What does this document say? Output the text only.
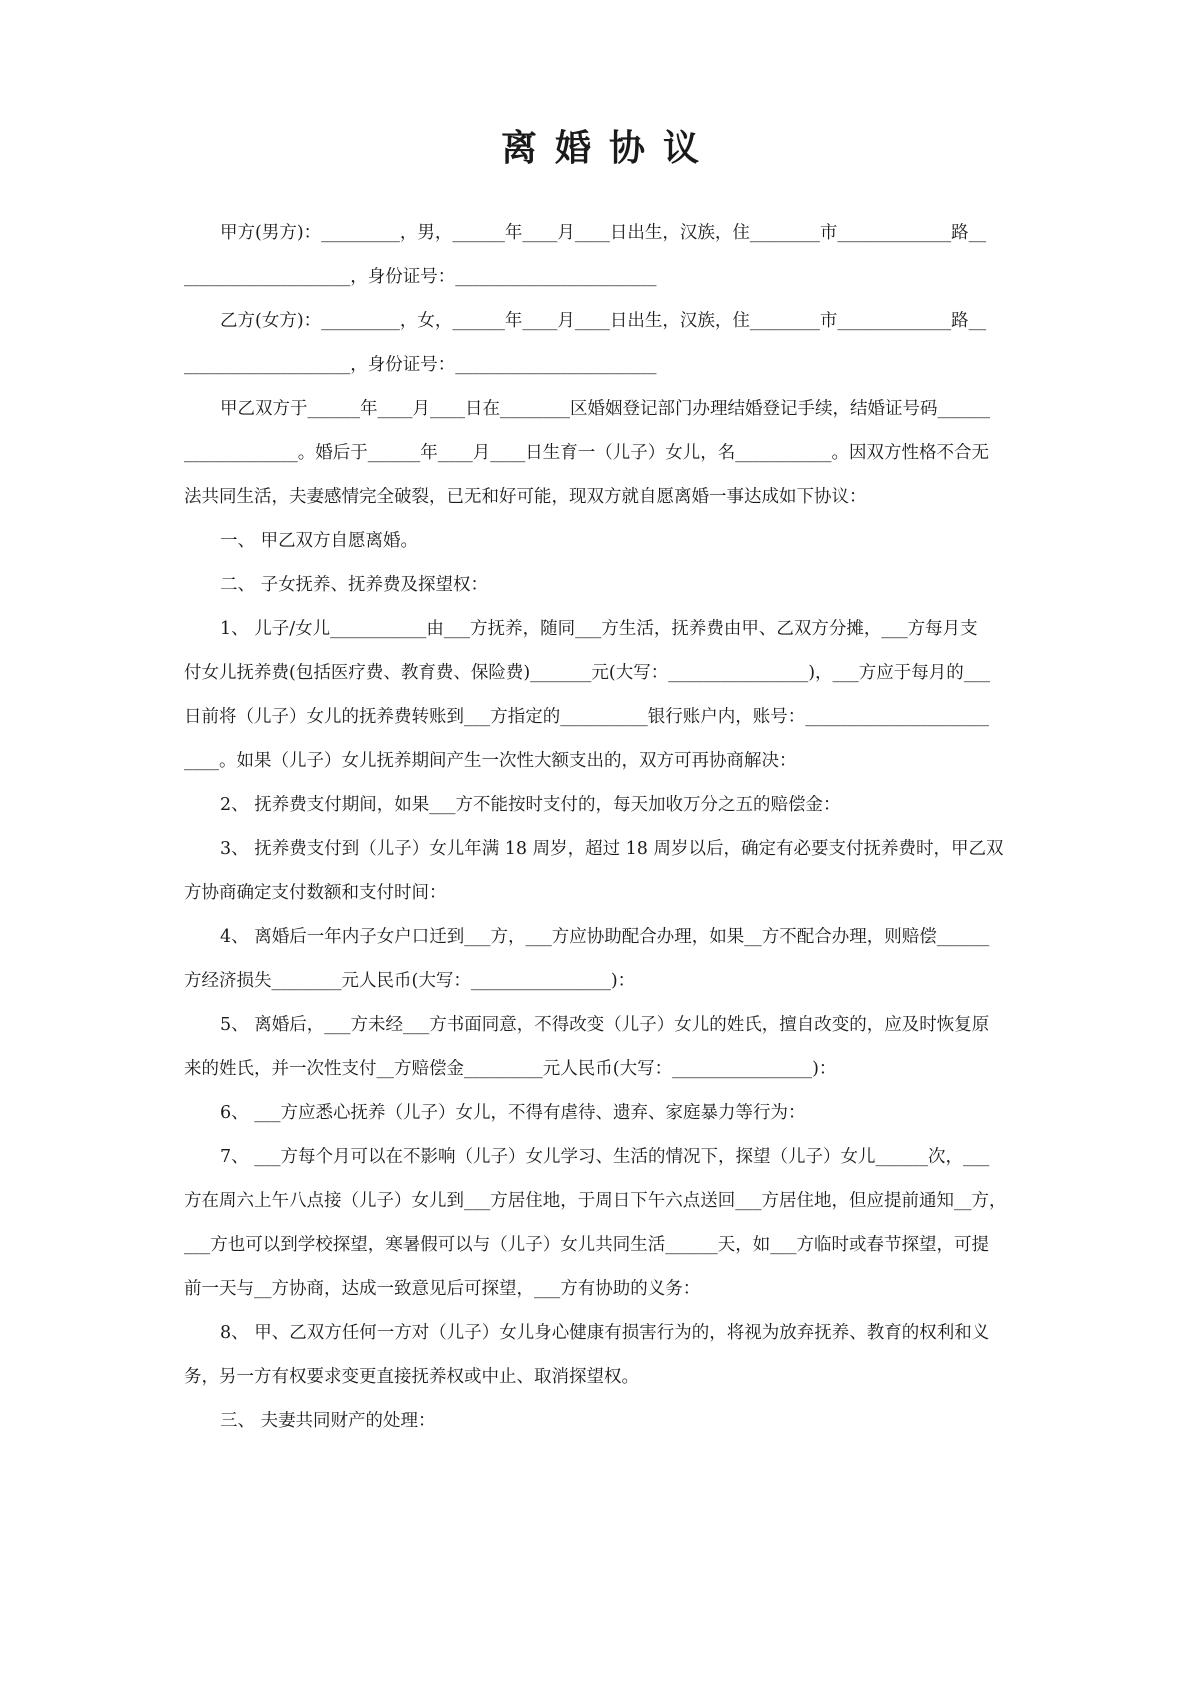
离婚协议
甲方(男方)：_________，男，______年____月____日出生，汉族，住________市_____________路__
___________________，身份证号：_______________________
乙方(女方)：_________，女，______年____月____日出生，汉族，住________市_____________路__
___________________，身份证号：_______________________
甲乙双方于______年____月____日在________区婚姻登记部门办理结婚登记手续，结婚证号码______
_____________。婚后于______年____月____日生育一（儿子）女儿，名___________。因双方性格不合无
法共同生活，夫妻感情完全破裂，已无和好可能，现双方就自愿离婚一事达成如下协议：
一、 甲乙双方自愿离婚。
二、 子女抚养、抚养费及探望权：
1、 儿子/女儿___________由___方抚养，随同___方生活，抚养费由甲、乙双方分摊，___方每月支
付女儿抚养费(包括医疗费、教育费、保险费)_______元(大写：________________)，___方应于每月的___
日前将（儿子）女儿的抚养费转账到___方指定的__________银行账户内，账号：_____________________
____。如果（儿子）女儿抚养期间产生一次性大额支出的，双方可再协商解决：
2、 抚养费支付期间，如果___方不能按时支付的，每天加收万分之五的赔偿金：
3、 抚养费支付到（儿子）女儿年满 18 周岁，超过 18 周岁以后，确定有必要支付抚养费时，甲乙双
方协商确定支付数额和支付时间：
4、 离婚后一年内子女户口迁到___方，___方应协助配合办理，如果__方不配合办理，则赔偿______
方经济损失________元人民币(大写：________________)：
5、 离婚后，___方未经___方书面同意，不得改变（儿子）女儿的姓氏，擅自改变的，应及时恢复原
来的姓氏，并一次性支付__方赔偿金_________元人民币(大写：________________)：
6、 ___方应悉心抚养（儿子）女儿，不得有虐待、遗弃、家庭暴力等行为：
7、 ___方每个月可以在不影响（儿子）女儿学习、生活的情况下，探望（儿子）女儿______次，___
方在周六上午八点接（儿子）女儿到___方居住地，于周日下午六点送回___方居住地，但应提前通知__方，
___方也可以到学校探望，寒暑假可以与（儿子）女儿共同生活______天，如___方临时或春节探望，可提
前一天与__方协商，达成一致意见后可探望，___方有协助的义务：
8、 甲、乙双方任何一方对（儿子）女儿身心健康有损害行为的，将视为放弃抚养、教育的权利和义
务，另一方有权要求变更直接抚养权或中止、取消探望权。
三、 夫妻共同财产的处理：
